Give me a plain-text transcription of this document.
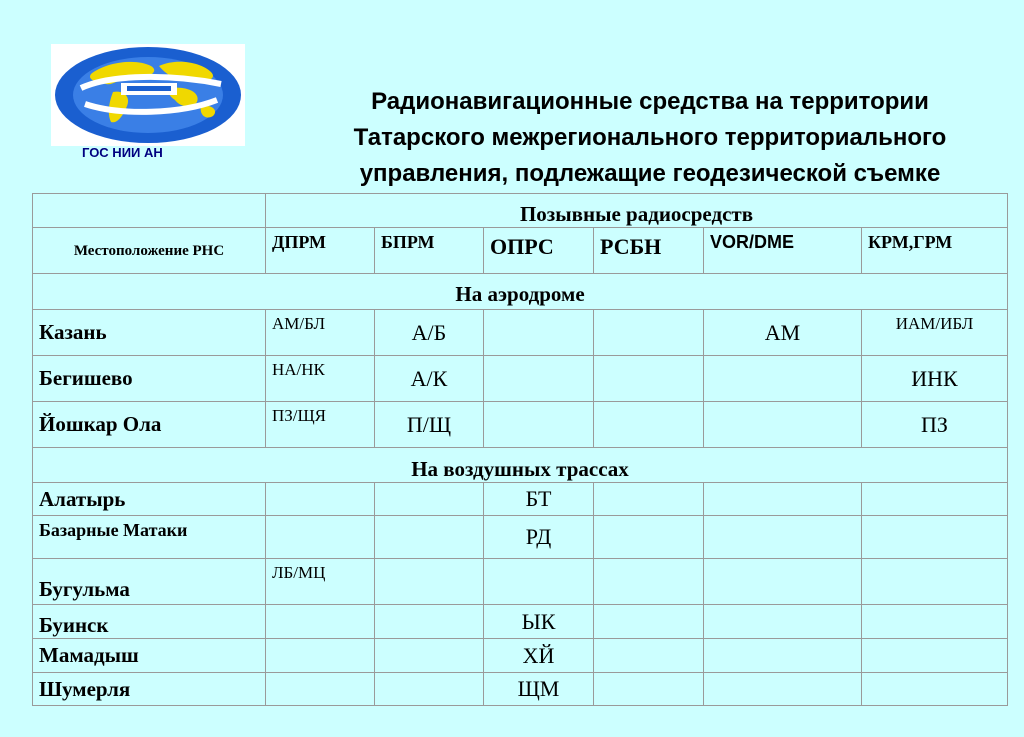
ГОС НИИ АН
Радионавигационные средства на территории
Татарского межрегионального территориального
управления, подлежащие геодезической съемке
	Позывные радиосредств					
Местоположение РНС	ДПРМ	БПРМ	ОПРС	РСБН	VOR/DME	КРМ,ГРМ
На аэродроме						
Казань	АМ/БЛ	А/Б			АМ	ИАМ/ИБЛ
Бегишево	НА/НК	А/К				ИНК
Йошкар Ола	ПЗ/ЩЯ	П/Щ				ПЗ
На воздушных трассах						
Алатырь			БТ			
Базарные Матаки			РД			
Бугульма	ЛБ/МЦ					
Буинск			ЫК			
Мамадыш			ХЙ			
Шумерля			ЩМ			
